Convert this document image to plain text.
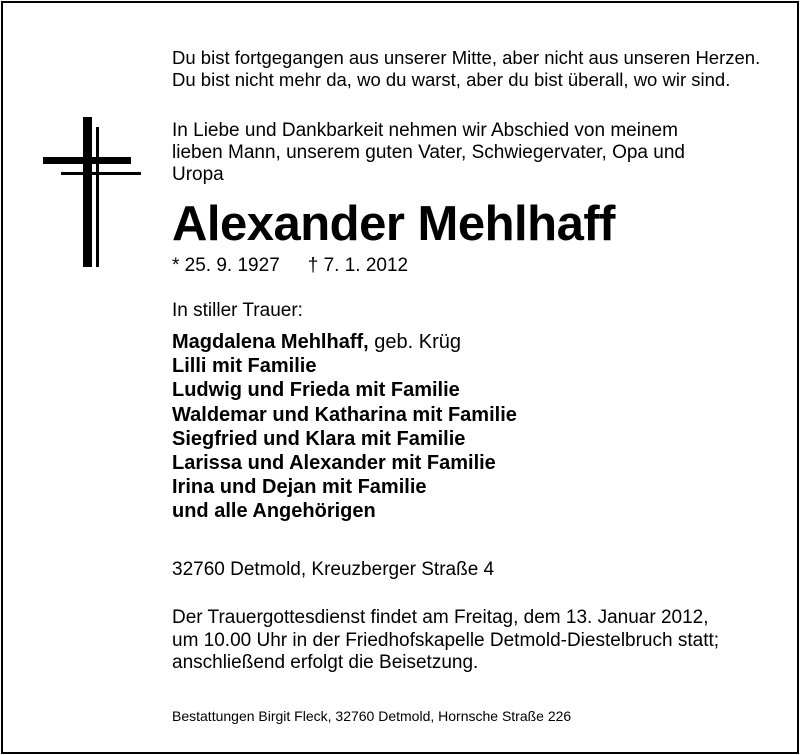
Du bist fortgegangen aus unserer Mitte, aber nicht aus unseren Herzen.
Du bist nicht mehr da, wo du warst, aber du bist überall, wo wir sind.

In Liebe und Dankbarkeit nehmen wir Abschied von meinem
lieben Mann, unserem guten Vater, Schwiegervater, Opa und
Uropa

Alexander Mehlhaff

* 25. 9. 1927 † 7. 1. 2012

In stiller Trauer:

Magdalena Mehlhaff, geb. Krüg
Lilli mit Familie
Ludwig und Frieda mit Familie
Waldemar und Katharina mit Familie
Siegfried und Klara mit Familie
Larissa und Alexander mit Familie
Irina und Dejan mit Familie
und alle Angehörigen

32760 Detmold, Kreuzberger Straße 4

Der Trauergottesdienst findet am Freitag, dem 13. Januar 2012,
um 10.00 Uhr in der Friedhofskapelle Detmold-Diestelbruch statt;
anschließend erfolgt die Beisetzung.

Bestattungen Birgit Fleck, 32760 Detmold, Hornsche Straße 226
